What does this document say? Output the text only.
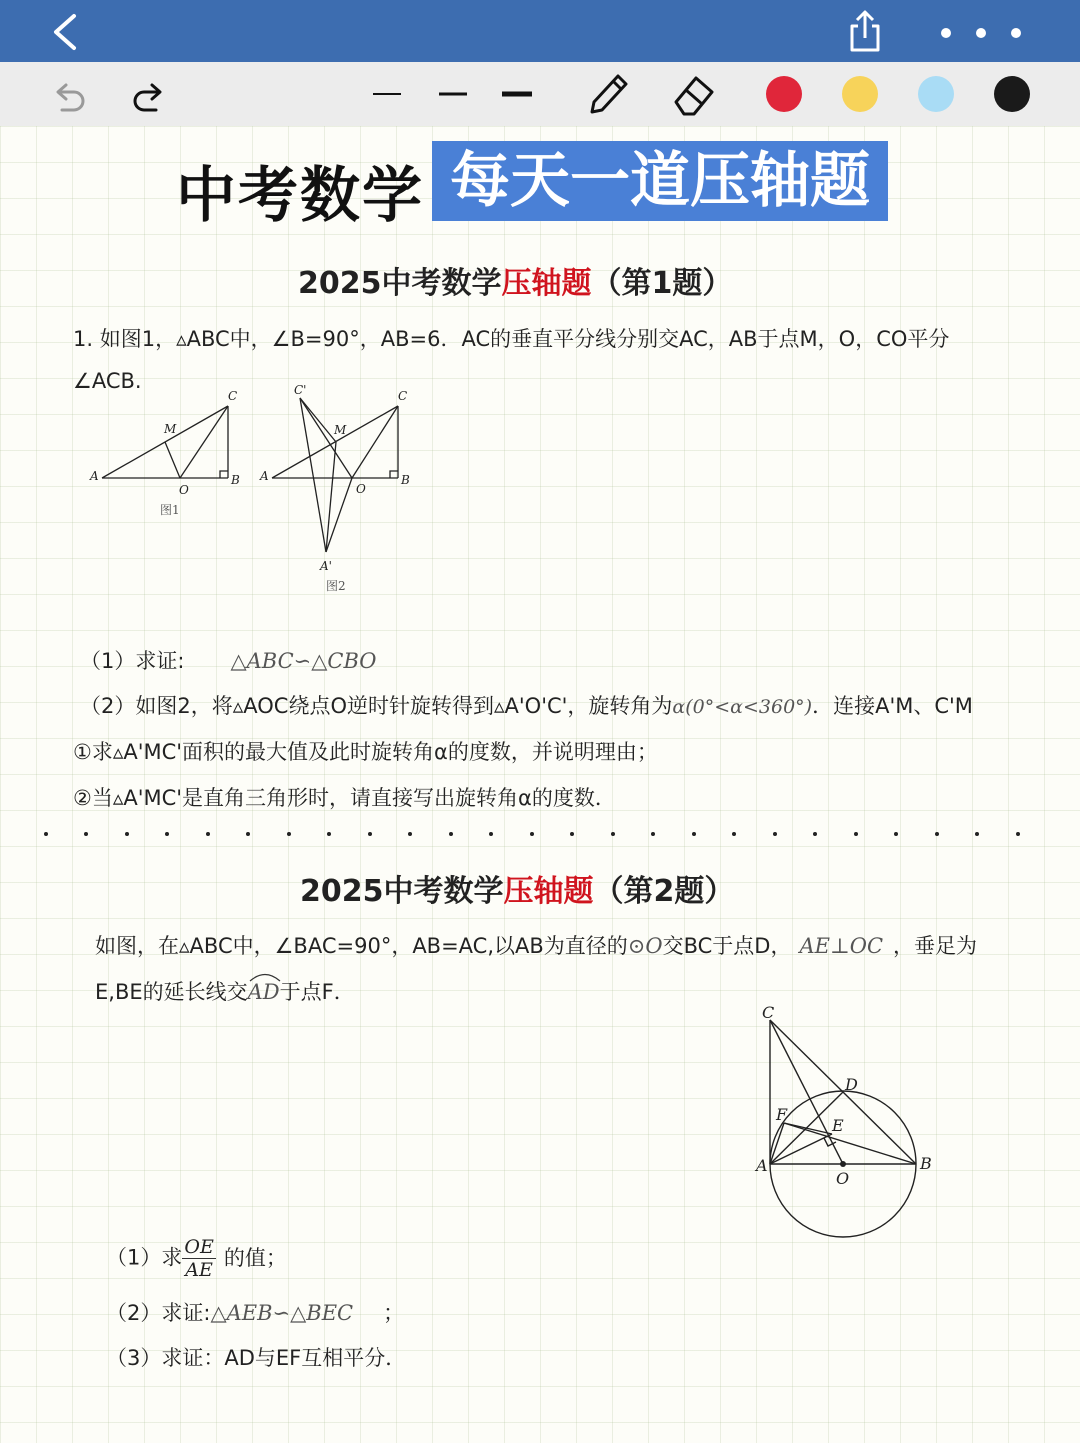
中考数学 每天一道压轴题
2025中考数学压轴题（第1题）
1. 如图1，▵ABC中，∠B=90°，AB=6．AC的垂直平分线分别交AC，AB于点M，O，CO平分
∠ACB.
A	B
C
M
O
图1
A	B
C
C'
A'
M
O
图2
（1）求证: △ABC∽△CBO
（2）如图2，将▵AOC绕点O逆时针旋转得到▵A'O'C'，旋转角为α(0°<α<360°)．连接A'M、C'M
①求▵A'MC'面积的最大值及此时旋转角α的度数，并说明理由；
②当▵A'MC'是直角三角形时，请直接写出旋转角α的度数．
2025中考数学压轴题（第2题）
如图，在▵ABC中，∠BAC=90°，AB=AC,以AB为直径的⊙O交BC于点D， AE⊥OC ，垂足为
E,BE的延长线交AD
于点F．
C
D
E
F
A	B
O
（1）求 $\frac{OE}{AE}$ 的值；
（2）求证:△AEB∽△BEC ；
（3）求证：AD与EF互相平分．
